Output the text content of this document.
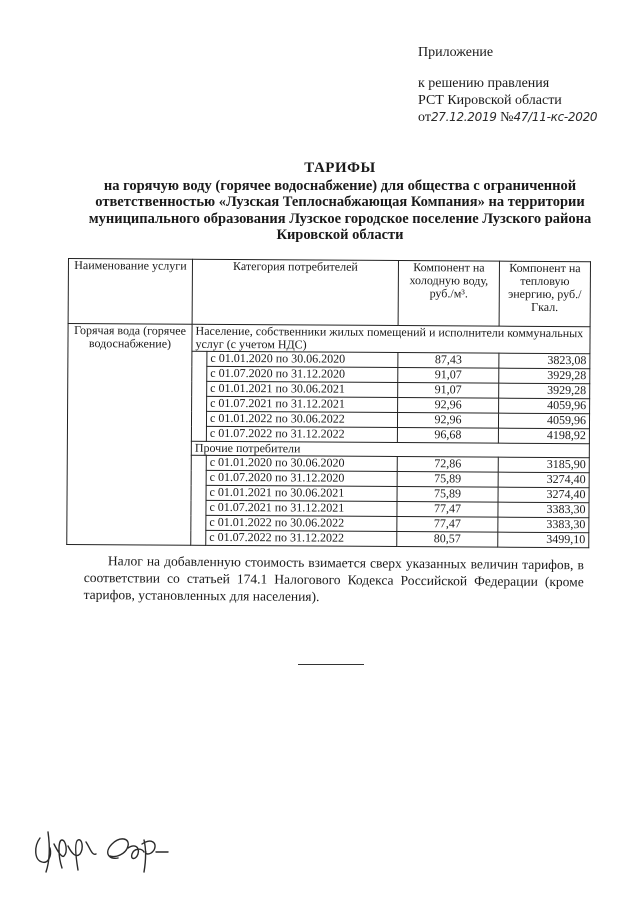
Приложение
к решению правления
РСТ Кировской области
от27.12.2019 №47/11-кс-2020
ТАРИФЫ
на горячую воду (горячее водоснабжение) для общества с ограниченной ответственностью «Лузская Теплоснабжающая Компания» на территории муниципального образования Лузское городское поселение Лузского района Кировской области
Наименование услуги	Категория потребителей		Компонент на холодную воду, руб./м³.	Компонент на тепловую энергию, руб./Гкал.
Горячая вода (горячее водоснабжение)	Население, собственники жилых помещений и исполнители коммунальных услуг (с учетом НДС)			
		с 01.01.2020 по 30.06.2020	87,43	3823,08
		с 01.07.2020 по 31.12.2020	91,07	3929,28
		с 01.01.2021 по 30.06.2021	91,07	3929,28
		с 01.07.2021 по 31.12.2021	92,96	4059,96
		с 01.01.2022 по 30.06.2022	92,96	4059,96
		с 01.07.2022 по 31.12.2022	96,68	4198,92
	Прочие потребители			
		с 01.01.2020 по 30.06.2020	72,86	3185,90
		с 01.07.2020 по 31.12.2020	75,89	3274,40
		с 01.01.2021 по 30.06.2021	75,89	3274,40
		с 01.07.2021 по 31.12.2021	77,47	3383,30
		с 01.01.2022 по 30.06.2022	77,47	3383,30
		с 01.07.2022 по 31.12.2022	80,57	3499,10
Налог на добавленную стоимость взимается сверх указанных величин тарифов, в соответствии со статьей 174.1 Налогового Кодекса Российской Федерации (кроме тарифов, установленных для населения).
